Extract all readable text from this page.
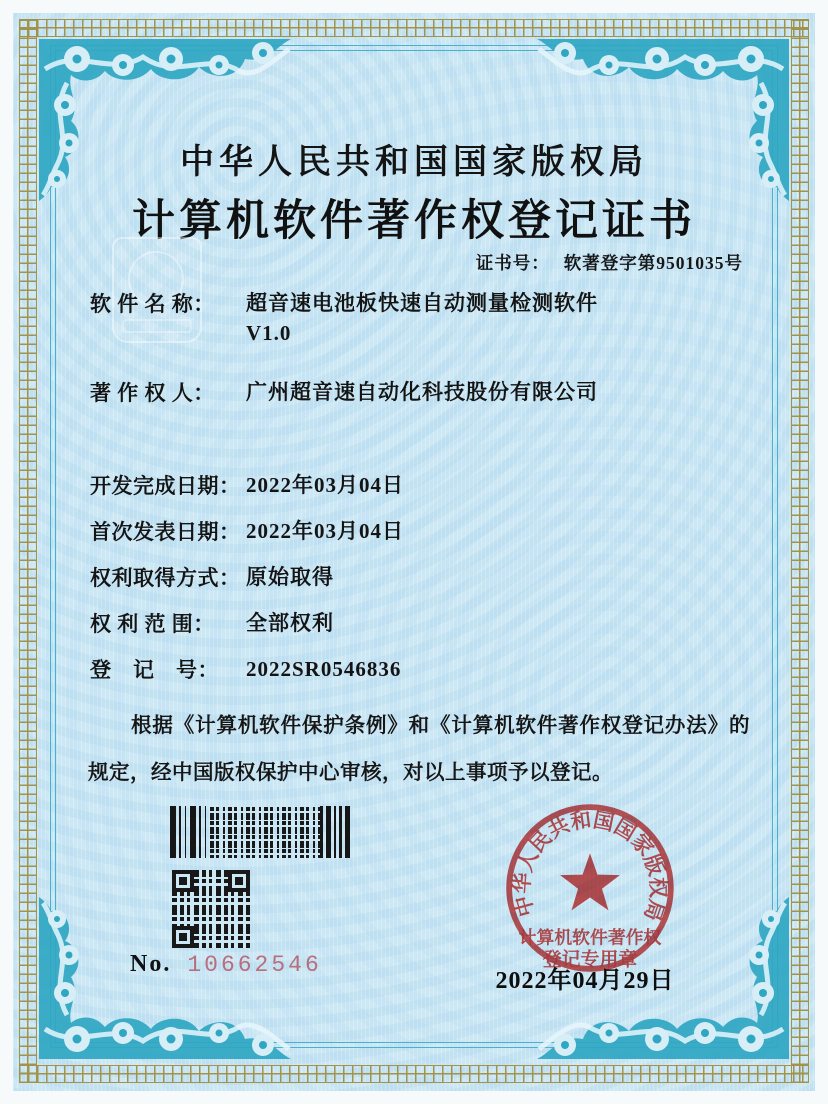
中华人民共和国国家版权局
计算机软件著作权登记证书
证书号： 软著登字第9501035号
软 件 名 称：	超音速电池板快速自动测量检测软件
V1.0
著 作 权 人：	广州超音速自动化科技股份有限公司
开发完成日期： 2022年03月04日
首次发表日期： 2022年03月04日
权利取得方式： 原始取得
权 利 范 围：	全部权利
登　记　号：	2022SR0546836
根据《计算机软件保护条例》和《计算机软件著作权登记办法》的规定，经中国版权保护中心审核，对以上事项予以登记。
No. 10662546
2022年04月29日
中华人民共和国国家版权局
计算机软件著作权
登记专用章
